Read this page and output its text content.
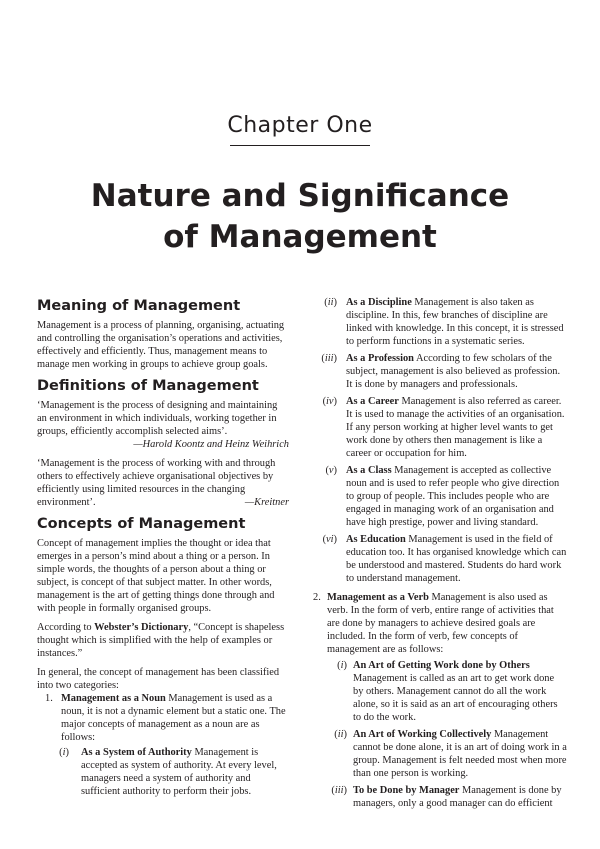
Chapter One
Nature and Significance
of Management
Meaning of Management

Management is a process of planning, organising, actuating and controlling the organisation’s operations and activities, effectively and efficiently. Thus, management means to manage men working in groups to achieve group goals.

Definitions of Management

‘Management is the process of designing and maintaining an environment in which individuals, working together in groups, efficiently accomplish selected aims’.

—Harold Koontz and Heinz Weihrich

‘Management is the process of working with and through others to effectively achieve organisational objectives by efficiently using limited resources in the changing environment’.	—Kreitner

Concepts of Management

Concept of management implies the thought or idea that emerges in a person’s mind about a thing or a person. In simple words, the thoughts of a person about a thing or subject, is concept of that subject matter. In other words, management is the art of getting things done through and with people in formally organised groups.

According to Webster’s Dictionary, “Concept is shapeless thought which is simplified with the help of examples or instances.”

In general, the concept of management has been classified into two categories:

1. Management as a Noun Management is used as a noun, it is not a dynamic element but a static one. The major concepts of management as a noun are as follows:
(i) As a System of Authority Management is accepted as system of authority. At every level, managers need a system of authority and sufficient authority to perform their jobs.
(ii) As a Discipline Management is also taken as discipline. In this, few branches of discipline are linked with knowledge. In this concept, it is stressed to perform functions in a systematic series.
(iii) As a Profession According to few scholars of the subject, management is also believed as profession. It is done by managers and professionals.
(iv) As a Career Management is also referred as career. It is used to manage the activities of an organisation. If any person working at higher level wants to get work done by others then management is like a career or occupation for him.
(v) As a Class Management is accepted as collective noun and is used to refer people who give direction to group of people. This includes people who are engaged in managing work of an organisation and have high prestige, power and living standard.
(vi) As Education Management is used in the field of education too. It has organised knowledge which can be understood and mastered. Students do hard work to understand management.
2. Management as a Verb Management is also used as verb. In the form of verb, entire range of activities that are done by managers to achieve desired goals are included. In the form of verb, few concepts of management are as follows:
(i) An Art of Getting Work done by Others Management is called as an art to get work done by others. Management cannot do all the work alone, so it is said as an art of encouraging others to do the work.
(ii) An Art of Working Collectively Management cannot be done alone, it is an art of doing work in a group. Management is felt needed most when more than one person is working.
(iii) To be Done by Manager Management is done by managers, only a good manager can do efficient
